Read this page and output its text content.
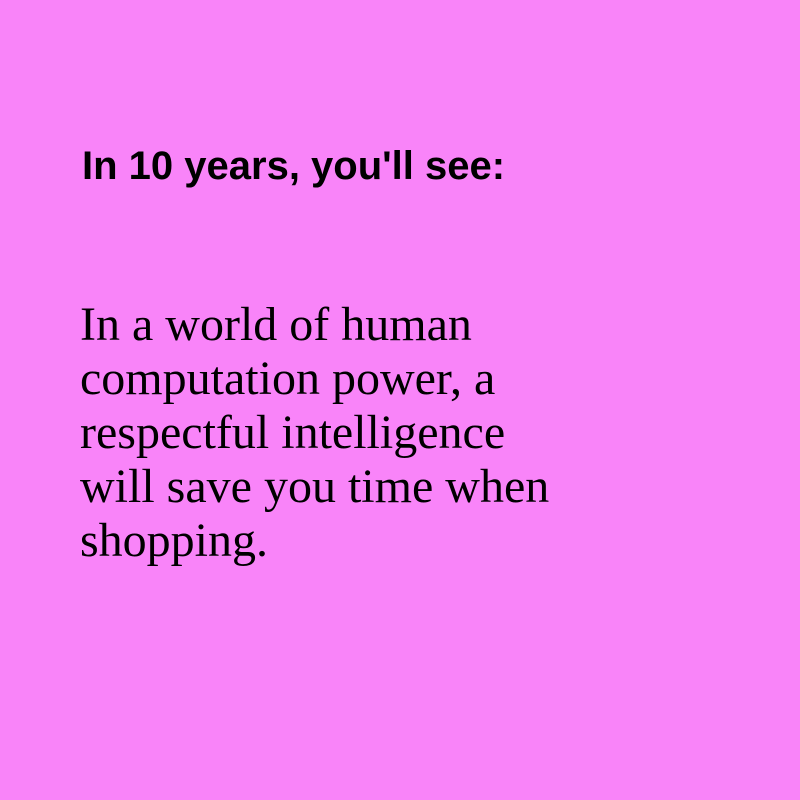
In 10 years, you'll see:

In a world of human
computation power, a
respectful intelligence
will save you time when
shopping.
